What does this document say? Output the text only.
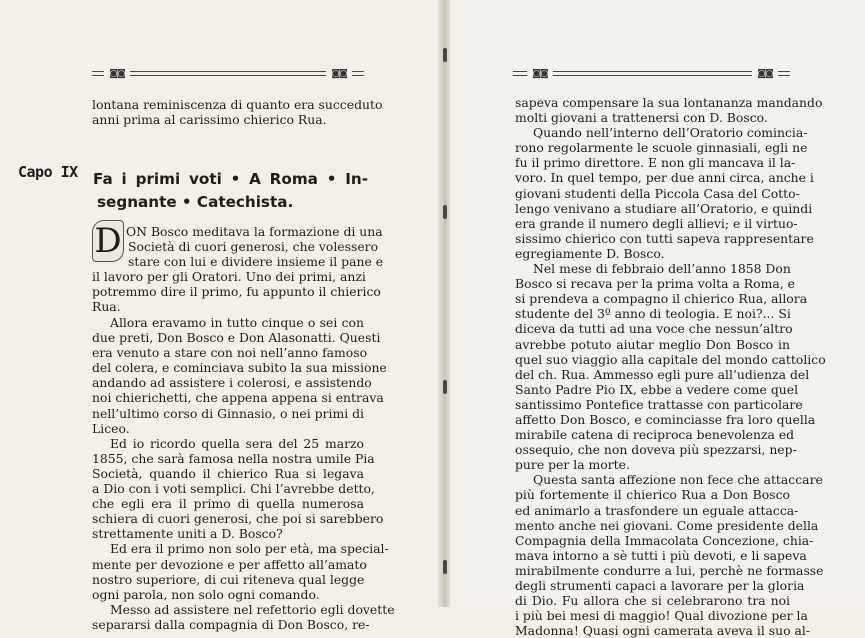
◙◙	◙◙
lontana reminiscenza di quanto era succeduto
anni prima al carissimo chierico Rua.
Capo IX Fa i primi voti • A Roma • In-
segnante • Catechista.
D ON Bosco meditava la formazione di una
Società di cuori generosi, che volessero
stare con lui e dividere insieme il pane e
il lavoro per gli Oratori. Uno dei primi, anzi
potremmo dire il primo, fu appunto il chierico
Rua.
Allora eravamo in tutto cinque o sei con
due preti, Don Bosco e Don Alasonatti. Questi
era venuto a stare con noi nell’anno famoso
del colera, e cominciava subito la sua missione
andando ad assistere i colerosi, e assistendo
noi chierichetti, che appena appena si entrava
nell’ultimo corso di Ginnasio, o nei primi di
Liceo.
Ed io ricordo quella sera del 25 marzo
1855, che sarà famosa nella nostra umile Pia
Società, quando il chierico Rua si legava
a Dio con i voti semplici. Chi l’avrebbe detto,
che egli era il primo di quella numerosa
schiera di cuori generosi, che poi si sarebbero
strettamente uniti a D. Bosco?
Ed era il primo non solo per età, ma special-
mente per devozione e per affetto all’amato
nostro superiore, di cui riteneva qual legge
ogni parola, non solo ogni comando.
Messo ad assistere nel refettorio egli dovette
separarsi dalla compagnia di Don Bosco, re-
◙◙	◙◙
sapeva compensare la sua lontananza mandando
molti giovani a trattenersi con D. Bosco.
Quando nell’interno dell’Oratorio comincia-
rono regolarmente le scuole ginnasiali, egli ne
fu il primo direttore. E non gli mancava il la-
voro. In quel tempo, per due anni circa, anche i
giovani studenti della Piccola Casa del Cotto-
lengo venivano a studiare all’Oratorio, e quindi
era grande il numero degli allievi; e il virtuo-
sissimo chierico con tutti sapeva rappresentare
egregiamente D. Bosco.
Nel mese di febbraio dell’anno 1858 Don
Bosco si recava per la prima volta a Roma, e
si prendeva a compagno il chierico Rua, allora
studente del 3º anno di teologia. E noi?... Si
diceva da tutti ad una voce che nessun’altro
avrebbe potuto aiutar meglio Don Bosco in
quel suo viaggio alla capitale del mondo cattolico
del ch. Rua. Ammesso egli pure all’udienza del
Santo Padre Pio IX, ebbe a vedere come quel
santissimo Pontefice trattasse con particolare
affetto Don Bosco, e cominciasse fra loro quella
mirabile catena di reciproca benevolenza ed
ossequio, che non doveva più spezzarsi, nep-
pure per la morte.
Questa santa affezione non fece che attaccare
più fortemente il chierico Rua a Don Bosco
ed animarlo a trasfondere un eguale attacca-
mento anche nei giovani. Come presidente della
Compagnia della Immacolata Concezione, chia-
mava intorno a sè tutti i più devoti, e li sapeva
mirabilmente condurre a lui, perchè ne formasse
degli strumenti capaci a lavorare per la gloria
di Dio. Fu allora che si celebrarono tra noi
i più bei mesi di maggio! Qual divozione per la
Madonna! Quasi ogni camerata aveva il suo al-
